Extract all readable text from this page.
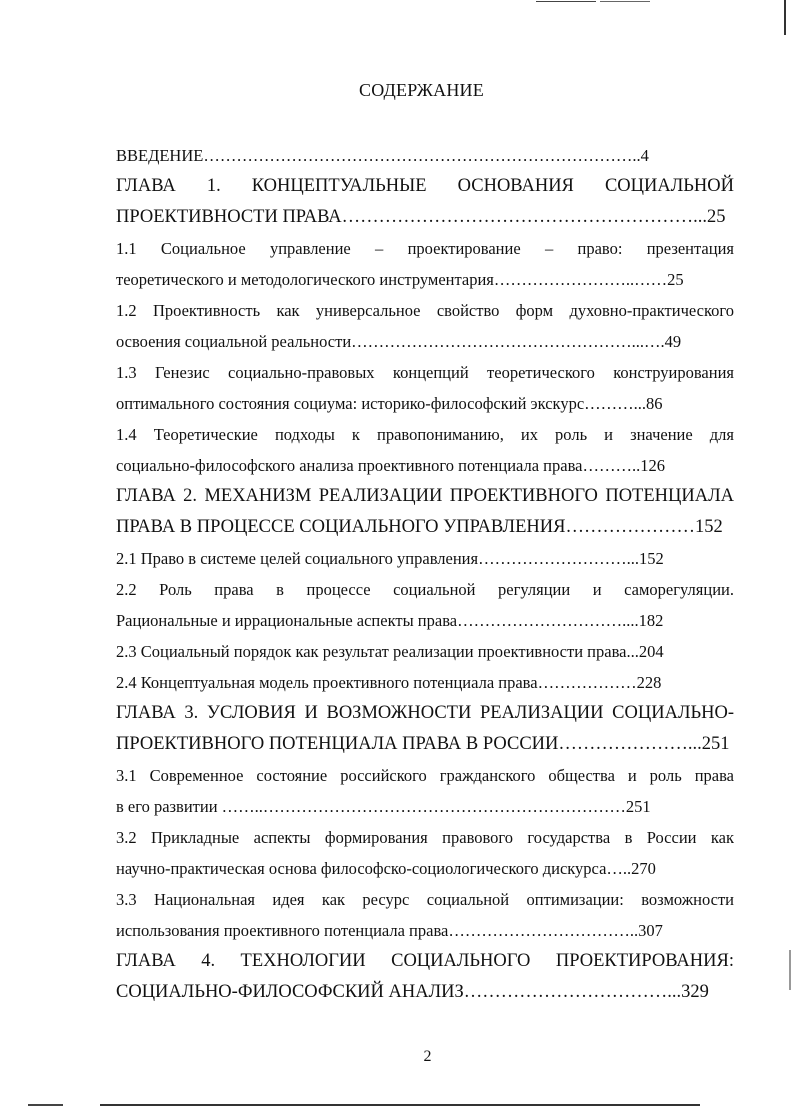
СОДЕРЖАНИЕ
ВВЕДЕНИЕ……………………………………………………………………..4
ГЛАВА 1. КОНЦЕПТУАЛЬНЫЕ ОСНОВАНИЯ СОЦИАЛЬНОЙ
ПРОЕКТИВНОСТИ ПРАВА…………………………………………………...25
1.1 Социальное управление – проектирование – право: презентация
теоретического и методологического инструментария……………………..……25
1.2 Проективность как универсальное свойство форм духовно-практического
освоения социальной реальности……………………………………………...….49
1.3 Генезис социально-правовых концепций теоретического конструирования
оптимального состояния социума: историко-философский экскурс………...86
1.4 Теоретические подходы к правопониманию, их роль и значение для
социально-философского анализа проективного потенциала права………..126
ГЛАВА 2. МЕХАНИЗМ РЕАЛИЗАЦИИ ПРОЕКТИВНОГО ПОТЕНЦИАЛА
ПРАВА В ПРОЦЕССЕ СОЦИАЛЬНОГО УПРАВЛЕНИЯ…………………152
2.1 Право в системе целей социального управления………………………...152
2.2 Роль права в процессе социальной регуляции и саморегуляции.
Рациональные и иррациональные аспекты права…………………………....182
2.3 Социальный порядок как результат реализации проективности права...204
2.4 Концептуальная модель проективного потенциала права………………228
ГЛАВА 3. УСЛОВИЯ И ВОЗМОЖНОСТИ РЕАЛИЗАЦИИ СОЦИАЛЬНО-
ПРОЕКТИВНОГО ПОТЕНЦИАЛА ПРАВА В РОССИИ…………………...251
3.1 Современное состояние российского гражданского общества и роль права
в его развитии ……..…………………………………………………………251
3.2 Прикладные аспекты формирования правового государства в России как
научно-практическая основа философско-социологического дискурса…..270
3.3 Национальная идея как ресурс социальной оптимизации: возможности
использования проективного потенциала права……………………………..307
ГЛАВА 4. ТЕХНОЛОГИИ СОЦИАЛЬНОГО ПРОЕКТИРОВАНИЯ:
СОЦИАЛЬНО-ФИЛОСОФСКИЙ АНАЛИЗ……………………………...329
2
